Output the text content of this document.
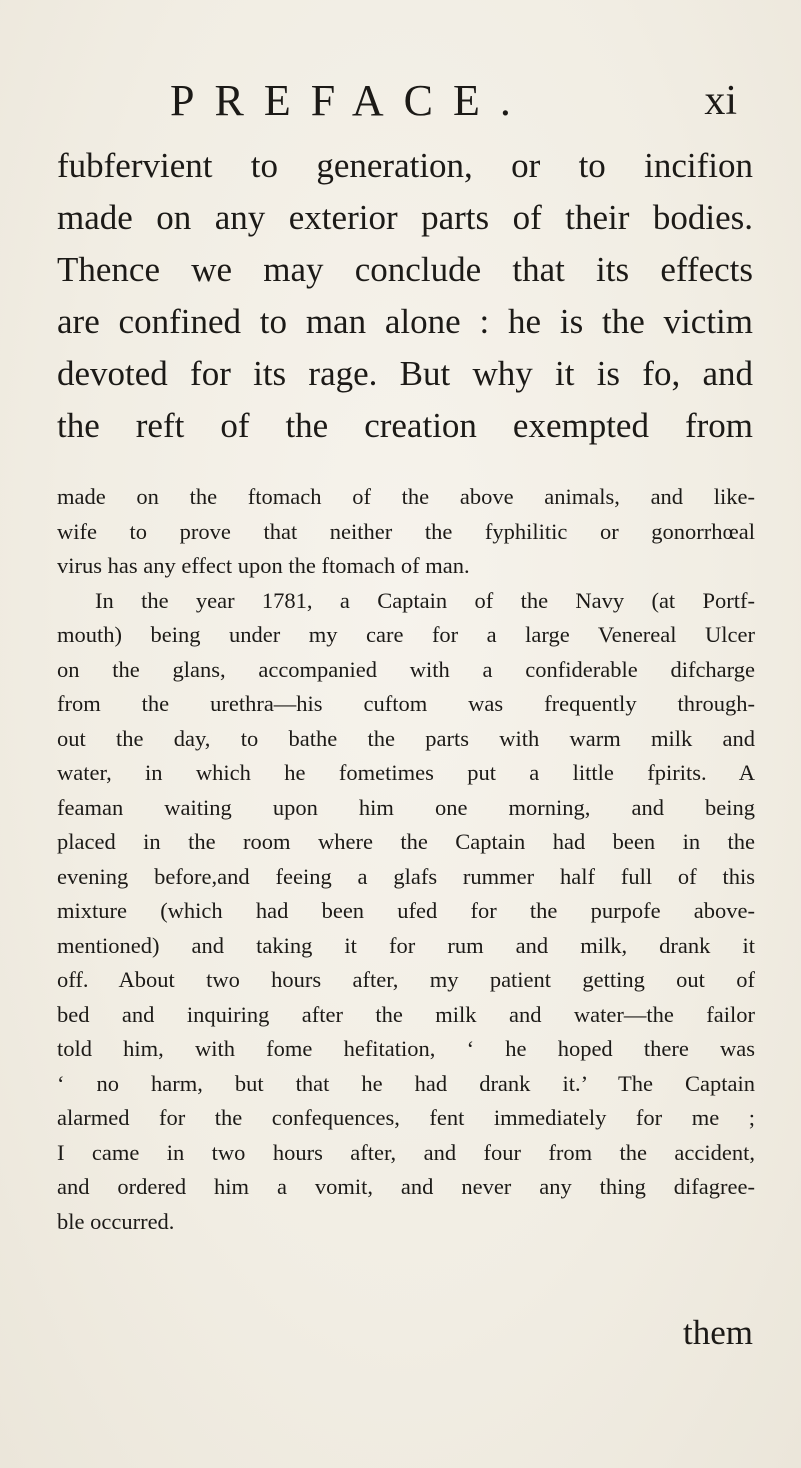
PREFACE.	xi

fubfervient to generation, or to incifion
made on any exterior parts of their bodies.
Thence we may conclude that its effects
are confined to man alone : he is the victim
devoted for its rage. But why it is fo, and
the reft of the creation exempted from

made on the ftomach of the above animals, and like-
wife to prove that neither the fyphilitic or gonorrhœal
virus has any effect upon the ftomach of man.
In the year 1781, a Captain of the Navy (at Portf-
mouth) being under my care for a large Venereal Ulcer
on the glans, accompanied with a confiderable difcharge
from the urethra—his cuftom was frequently through-
out the day, to bathe the parts with warm milk and
water, in which he fometimes put a little fpirits. A
feaman waiting upon him one morning, and being
placed in the room where the Captain had been in the
evening before,and feeing a glafs rummer half full of this
mixture (which had been ufed for the purpofe above-
mentioned) and taking it for rum and milk, drank it
off. About two hours after, my patient getting out of
bed and inquiring after the milk and water—the failor
told him, with fome hefitation, ‘ he hoped there was
‘ no harm, but that he had drank it.’ The Captain
alarmed for the confequences, fent immediately for me ;
I came in two hours after, and four from the accident,
and ordered him a vomit, and never any thing difagree-
ble occurred.
them
